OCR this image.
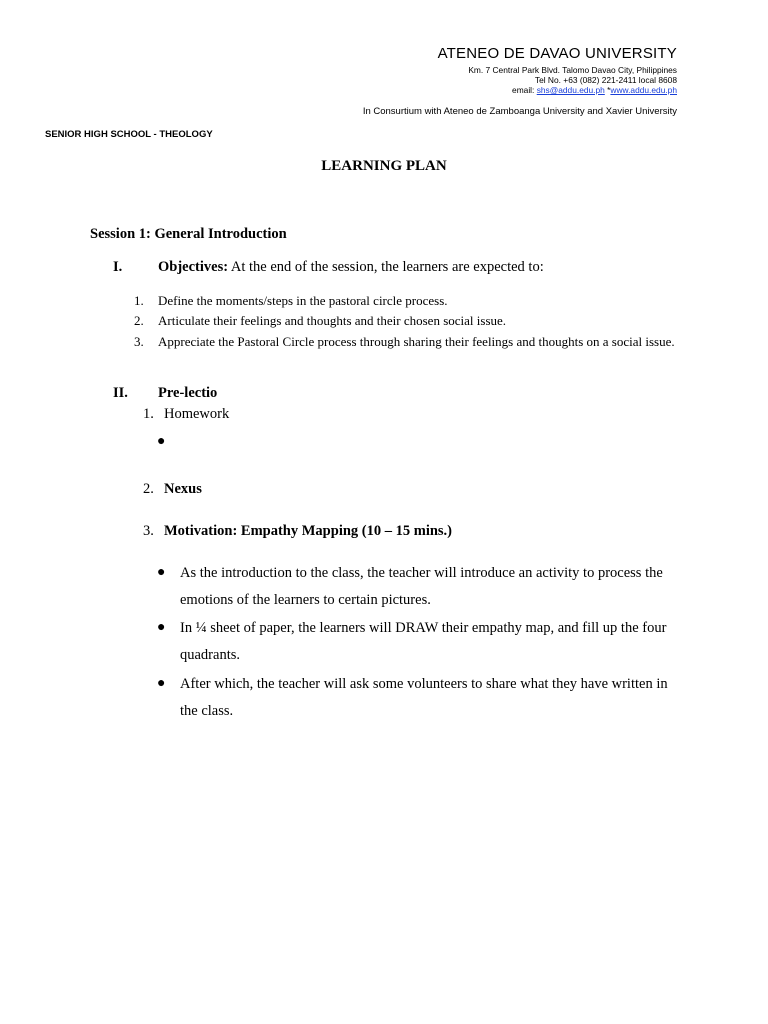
ATENEO DE DAVAO UNIVERSITY
Km. 7 Central Park Blvd. Talomo Davao City, Philippines
Tel No. +63 (082) 221-2411 local 8608
email: shs@addu.edu.ph *www.addu.edu.ph
In Consurtium with Ateneo de Zamboanga University and Xavier University
SENIOR HIGH SCHOOL - THEOLOGY
LEARNING PLAN
Session 1: General Introduction
I. Objectives: At the end of the session, the learners are expected to:
1. Define the moments/steps in the pastoral circle process.
2. Articulate their feelings and thoughts and their chosen social issue.
3. Appreciate the Pastoral Circle process through sharing their feelings and thoughts on a social issue.
II. Pre-lectio
1. Homework
●
2. Nexus
3. Motivation: Empathy Mapping (10 – 15 mins.)
● As the introduction to the class, the teacher will introduce an activity to process the emotions of the learners to certain pictures.
● In ¼ sheet of paper, the learners will DRAW their empathy map, and fill up the four quadrants.
● After which, the teacher will ask some volunteers to share what they have written in the class.
